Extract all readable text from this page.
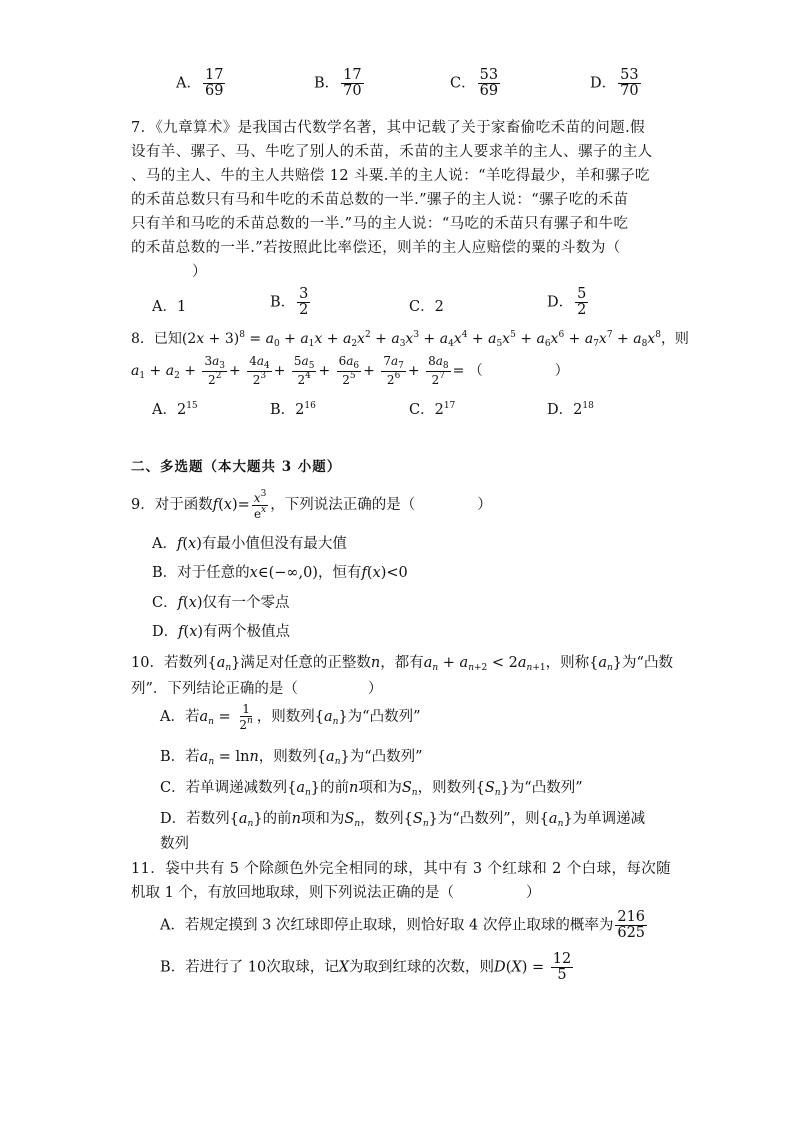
A． $\frac{17}{69}$	B． $\frac{17}{70}$	C． $\frac{53}{69}$	D． $\frac{53}{70}$
7．《九章算术》是我国古代数学名著，其中记载了关于家畜偷吃禾苗的问题.假
设有羊、骡子、马、牛吃了别人的禾苗，禾苗的主人要求羊的主人、骡子的主人
、马的主人、牛的主人共赔偿 12 斗粟.羊的主人说：“羊吃得最少，羊和骡子吃
的禾苗总数只有马和牛吃的禾苗总数的一半.”骡子的主人说：“骡子吃的禾苗
只有羊和马吃的禾苗总数的一半.”马的主人说：“马吃的禾苗只有骡子和牛吃
的禾苗总数的一半.”若按照此比率偿还，则羊的主人应赔偿的粟的斗数为（
）
A．1	B． $\frac{3}{2}$	C．2	D． $\frac{5}{2}$
8．已知$(2x + 3)^8 = a_0 + a_1x + a_2x^2 + a_3x^3 + a_4x^4 + a_5x^5 + a_6x^6 + a_7x^7 + a_8x^8$，则
$a_1 + a_2 + \frac{3a_3}{2^2} + \frac{4a_4}{2^3} + \frac{5a_5}{2^4} + \frac{6a_6}{2^5} + \frac{7a_7}{2^6} + \frac{8a_8}{2^7}$ = （	）
A．$2^{15}$	B．$2^{16}$	C．$2^{17}$	D．$2^{18}$
二、多选题（本大题共 3 小题）
9．对于函数$f(x)= \frac{x^3}{e^x}$ ，下列说法正确的是（	）
A．f(x)有最小值但没有最大值
B．对于任意的x∈(−∞,0)，恒有f(x)<0
C．f(x)仅有一个零点
D．f(x)有两个极值点
10．若数列$\{a_n\}$满足对任意的正整数n，都有$a_n + a_{n+2} < 2a_{n+1}$，则称$\{a_n\}$为“凸数
列”．下列结论正确的是（	）
A．若$a_n = \frac{1}{2^n}$ ，则数列$\{a_n\}$为“凸数列”
B．若$a_n = \ln n$，则数列$\{a_n\}$为“凸数列”
C．若单调递减数列$\{a_n\}$的前n项和为$S_n$，则数列$\{S_n\}$为“凸数列”
D．若数列$\{a_n\}$的前n项和为$S_n$，数列$\{S_n\}$为“凸数列”，则$\{a_n\}$为单调递减
数列
11．袋中共有 5 个除颜色外完全相同的球，其中有 3 个红球和 2 个白球，每次随
机取 1 个，有放回地取球，则下列说法正确的是（	）
A．若规定摸到 3 次红球即停止取球，则恰好取 4 次停止取球的概率为 $\frac{216}{625}$
B．若进行了 10次取球，记X为取到红球的次数，则$D(X) = \frac{12}{5}$
